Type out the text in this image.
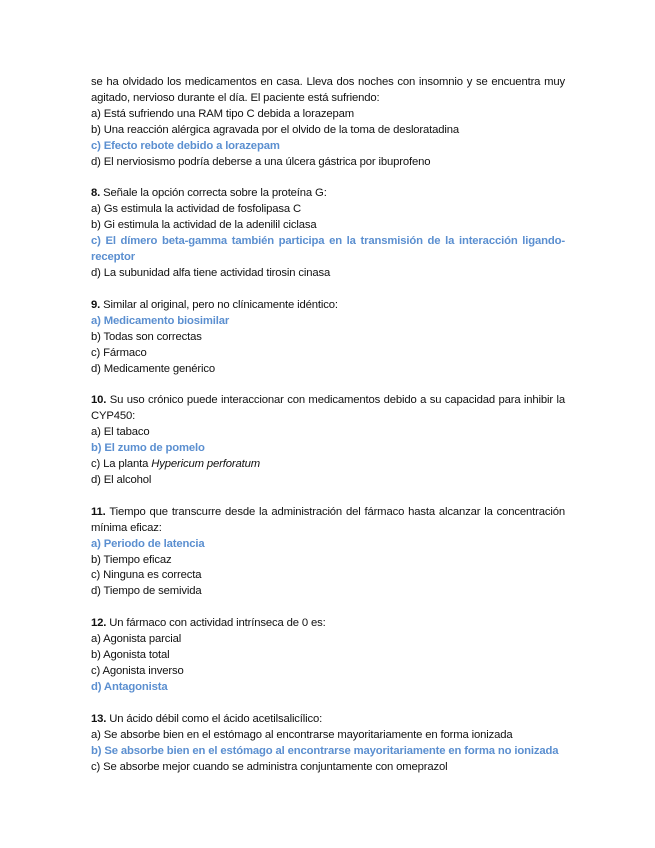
se ha olvidado los medicamentos en casa. Lleva dos noches con insomnio y se encuentra muy agitado, nervioso durante el día. El paciente está sufriendo:

a) Está sufriendo una RAM tipo C debida a lorazepam

b) Una reacción alérgica agravada por el olvido de la toma de desloratadina

c) Efecto rebote debido a lorazepam

d) El nerviosismo podría deberse a una úlcera gástrica por ibuprofeno

8. Señale la opción correcta sobre la proteína G:

a) Gs estimula la actividad de fosfolipasa C

b) Gi estimula la actividad de la adenilil ciclasa

c) El dímero beta-gamma también participa en la transmisión de la interacción ligando-receptor

d) La subunidad alfa tiene actividad tirosin cinasa

9. Similar al original, pero no clínicamente idéntico:

a) Medicamento biosimilar

b) Todas son correctas

c) Fármaco

d) Medicamente genérico

10. Su uso crónico puede interaccionar con medicamentos debido a su capacidad para inhibir la CYP450:

a) El tabaco

b) El zumo de pomelo

c) La planta Hypericum perforatum

d) El alcohol

11. Tiempo que transcurre desde la administración del fármaco hasta alcanzar la concentración mínima eficaz:

a) Periodo de latencia

b) Tiempo eficaz

c) Ninguna es correcta

d) Tiempo de semivida

12. Un fármaco con actividad intrínseca de 0 es:

a) Agonista parcial

b) Agonista total

c) Agonista inverso

d) Antagonista

13. Un ácido débil como el ácido acetilsalicílico:

a) Se absorbe bien en el estómago al encontrarse mayoritariamente en forma ionizada

b) Se absorbe bien en el estómago al encontrarse mayoritariamente en forma no ionizada

c) Se absorbe mejor cuando se administra conjuntamente con omeprazol
